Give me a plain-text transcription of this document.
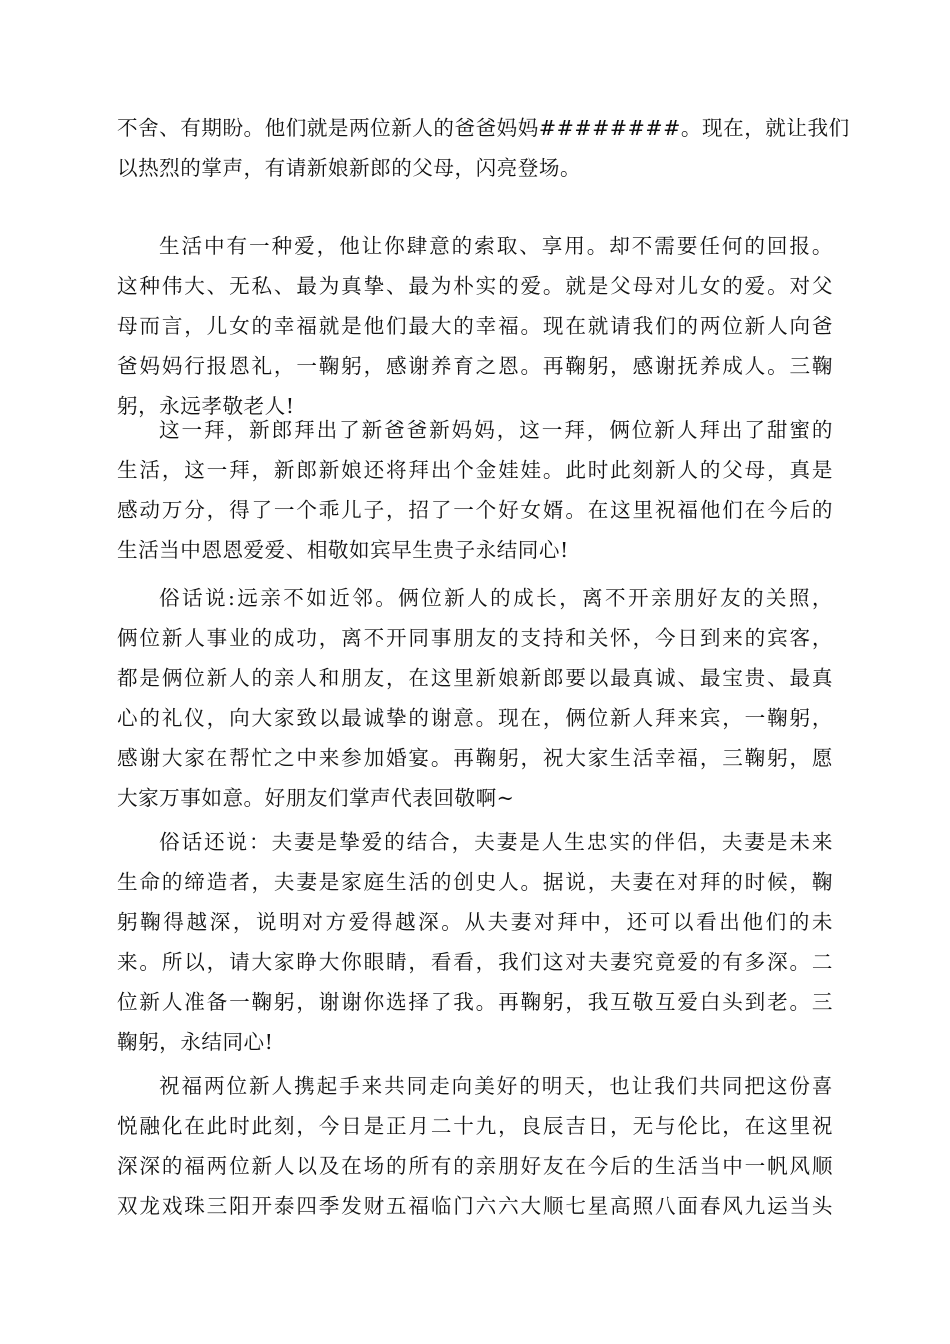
不舍、有期盼。他们就是两位新人的爸爸妈妈########。现在，就让我们
以热烈的掌声，有请新娘新郎的父母，闪亮登场。
生活中有一种爱，他让你肆意的索取、享用。却不需要任何的回报。
这种伟大、无私、最为真挚、最为朴实的爱。就是父母对儿女的爱。对父
母而言，儿女的幸福就是他们最大的幸福。现在就请我们的两位新人向爸
爸妈妈行报恩礼，一鞠躬，感谢养育之恩。再鞠躬，感谢抚养成人。三鞠
躬，永远孝敬老人!
这一拜，新郎拜出了新爸爸新妈妈，这一拜，俩位新人拜出了甜蜜的
生活，这一拜，新郎新娘还将拜出个金娃娃。此时此刻新人的父母，真是
感动万分，得了一个乖儿子，招了一个好女婿。在这里祝福他们在今后的
生活当中恩恩爱爱、相敬如宾早生贵子永结同心!
俗话说:远亲不如近邻。俩位新人的成长，离不开亲朋好友的关照，
俩位新人事业的成功，离不开同事朋友的支持和关怀，今日到来的宾客，
都是俩位新人的亲人和朋友，在这里新娘新郎要以最真诚、最宝贵、最真
心的礼仪，向大家致以最诚挚的谢意。现在，俩位新人拜来宾，一鞠躬，
感谢大家在帮忙之中来参加婚宴。再鞠躬，祝大家生活幸福，三鞠躬，愿
大家万事如意。好朋友们掌声代表回敬啊~
俗话还说：夫妻是挚爱的结合，夫妻是人生忠实的伴侣，夫妻是未来
生命的缔造者，夫妻是家庭生活的创史人。据说，夫妻在对拜的时候，鞠
躬鞠得越深，说明对方爱得越深。从夫妻对拜中，还可以看出他们的未
来。所以，请大家睁大你眼睛，看看，我们这对夫妻究竟爱的有多深。二
位新人准备一鞠躬，谢谢你选择了我。再鞠躬，我互敬互爱白头到老。三
鞠躬，永结同心!
祝福两位新人携起手来共同走向美好的明天，也让我们共同把这份喜
悦融化在此时此刻，今日是正月二十九，良辰吉日，无与伦比，在这里祝
深深的福两位新人以及在场的所有的亲朋好友在今后的生活当中一帆风顺
双龙戏珠三阳开泰四季发财五福临门六六大顺七星高照八面春风九运当头
